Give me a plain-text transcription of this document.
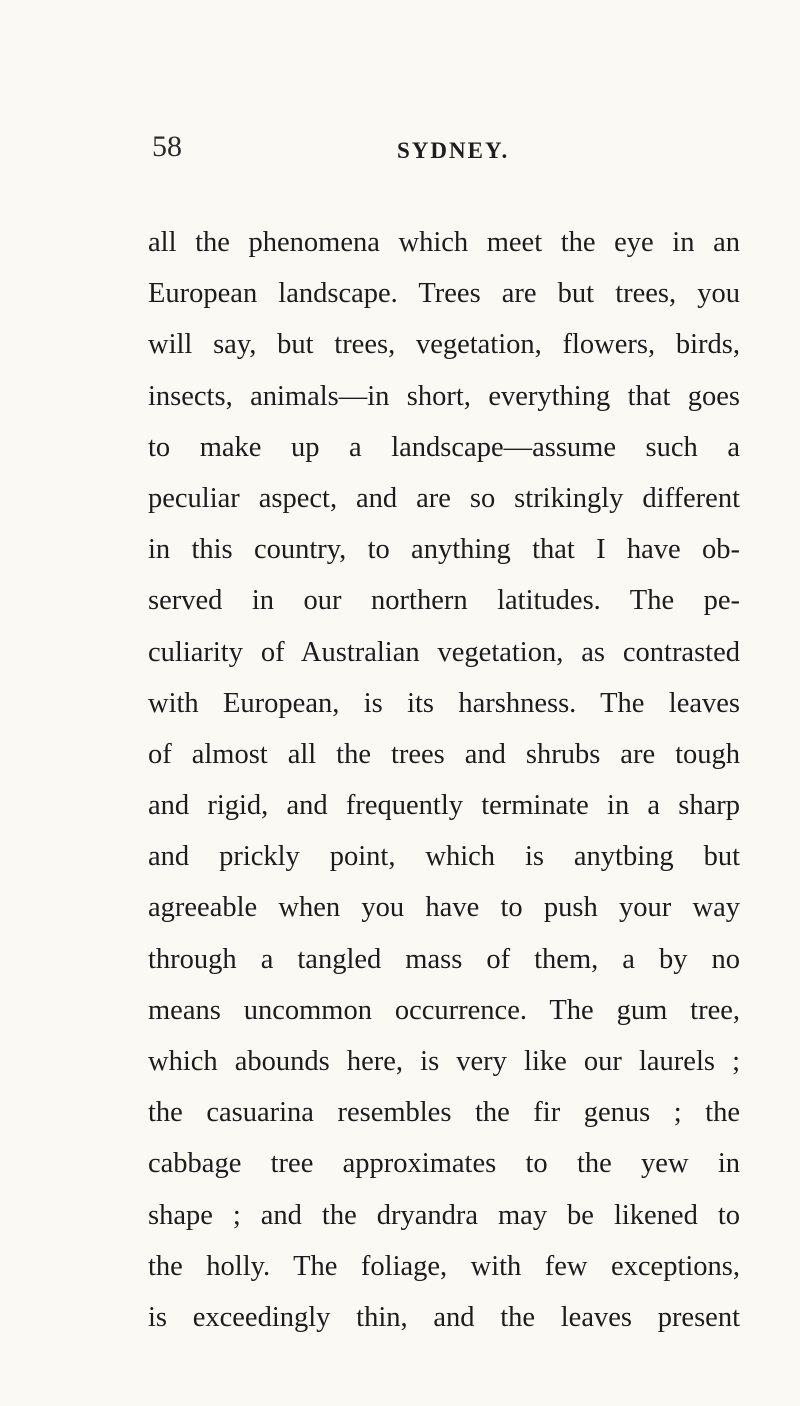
58	SYDNEY.
all the phenomena which meet the eye in an
European landscape. Trees are but trees, you
will say, but trees, vegetation, flowers, birds,
insects, animals—in short, everything that goes
to make up a landscape—assume such a
peculiar aspect, and are so strikingly different
in this country, to anything that I have ob-
served in our northern latitudes. The pe-
culiarity of Australian vegetation, as contrasted
with European, is its harshness. The leaves
of almost all the trees and shrubs are tough
and rigid, and frequently terminate in a sharp
and prickly point, which is anytbing but
agreeable when you have to push your way
through a tangled mass of them, a by no
means uncommon occurrence. The gum tree,
which abounds here, is very like our laurels ;
the casuarina resembles the fir genus ; the
cabbage tree approximates to the yew in
shape ; and the dryandra may be likened to
the holly. The foliage, with few exceptions,
is exceedingly thin, and the leaves present
